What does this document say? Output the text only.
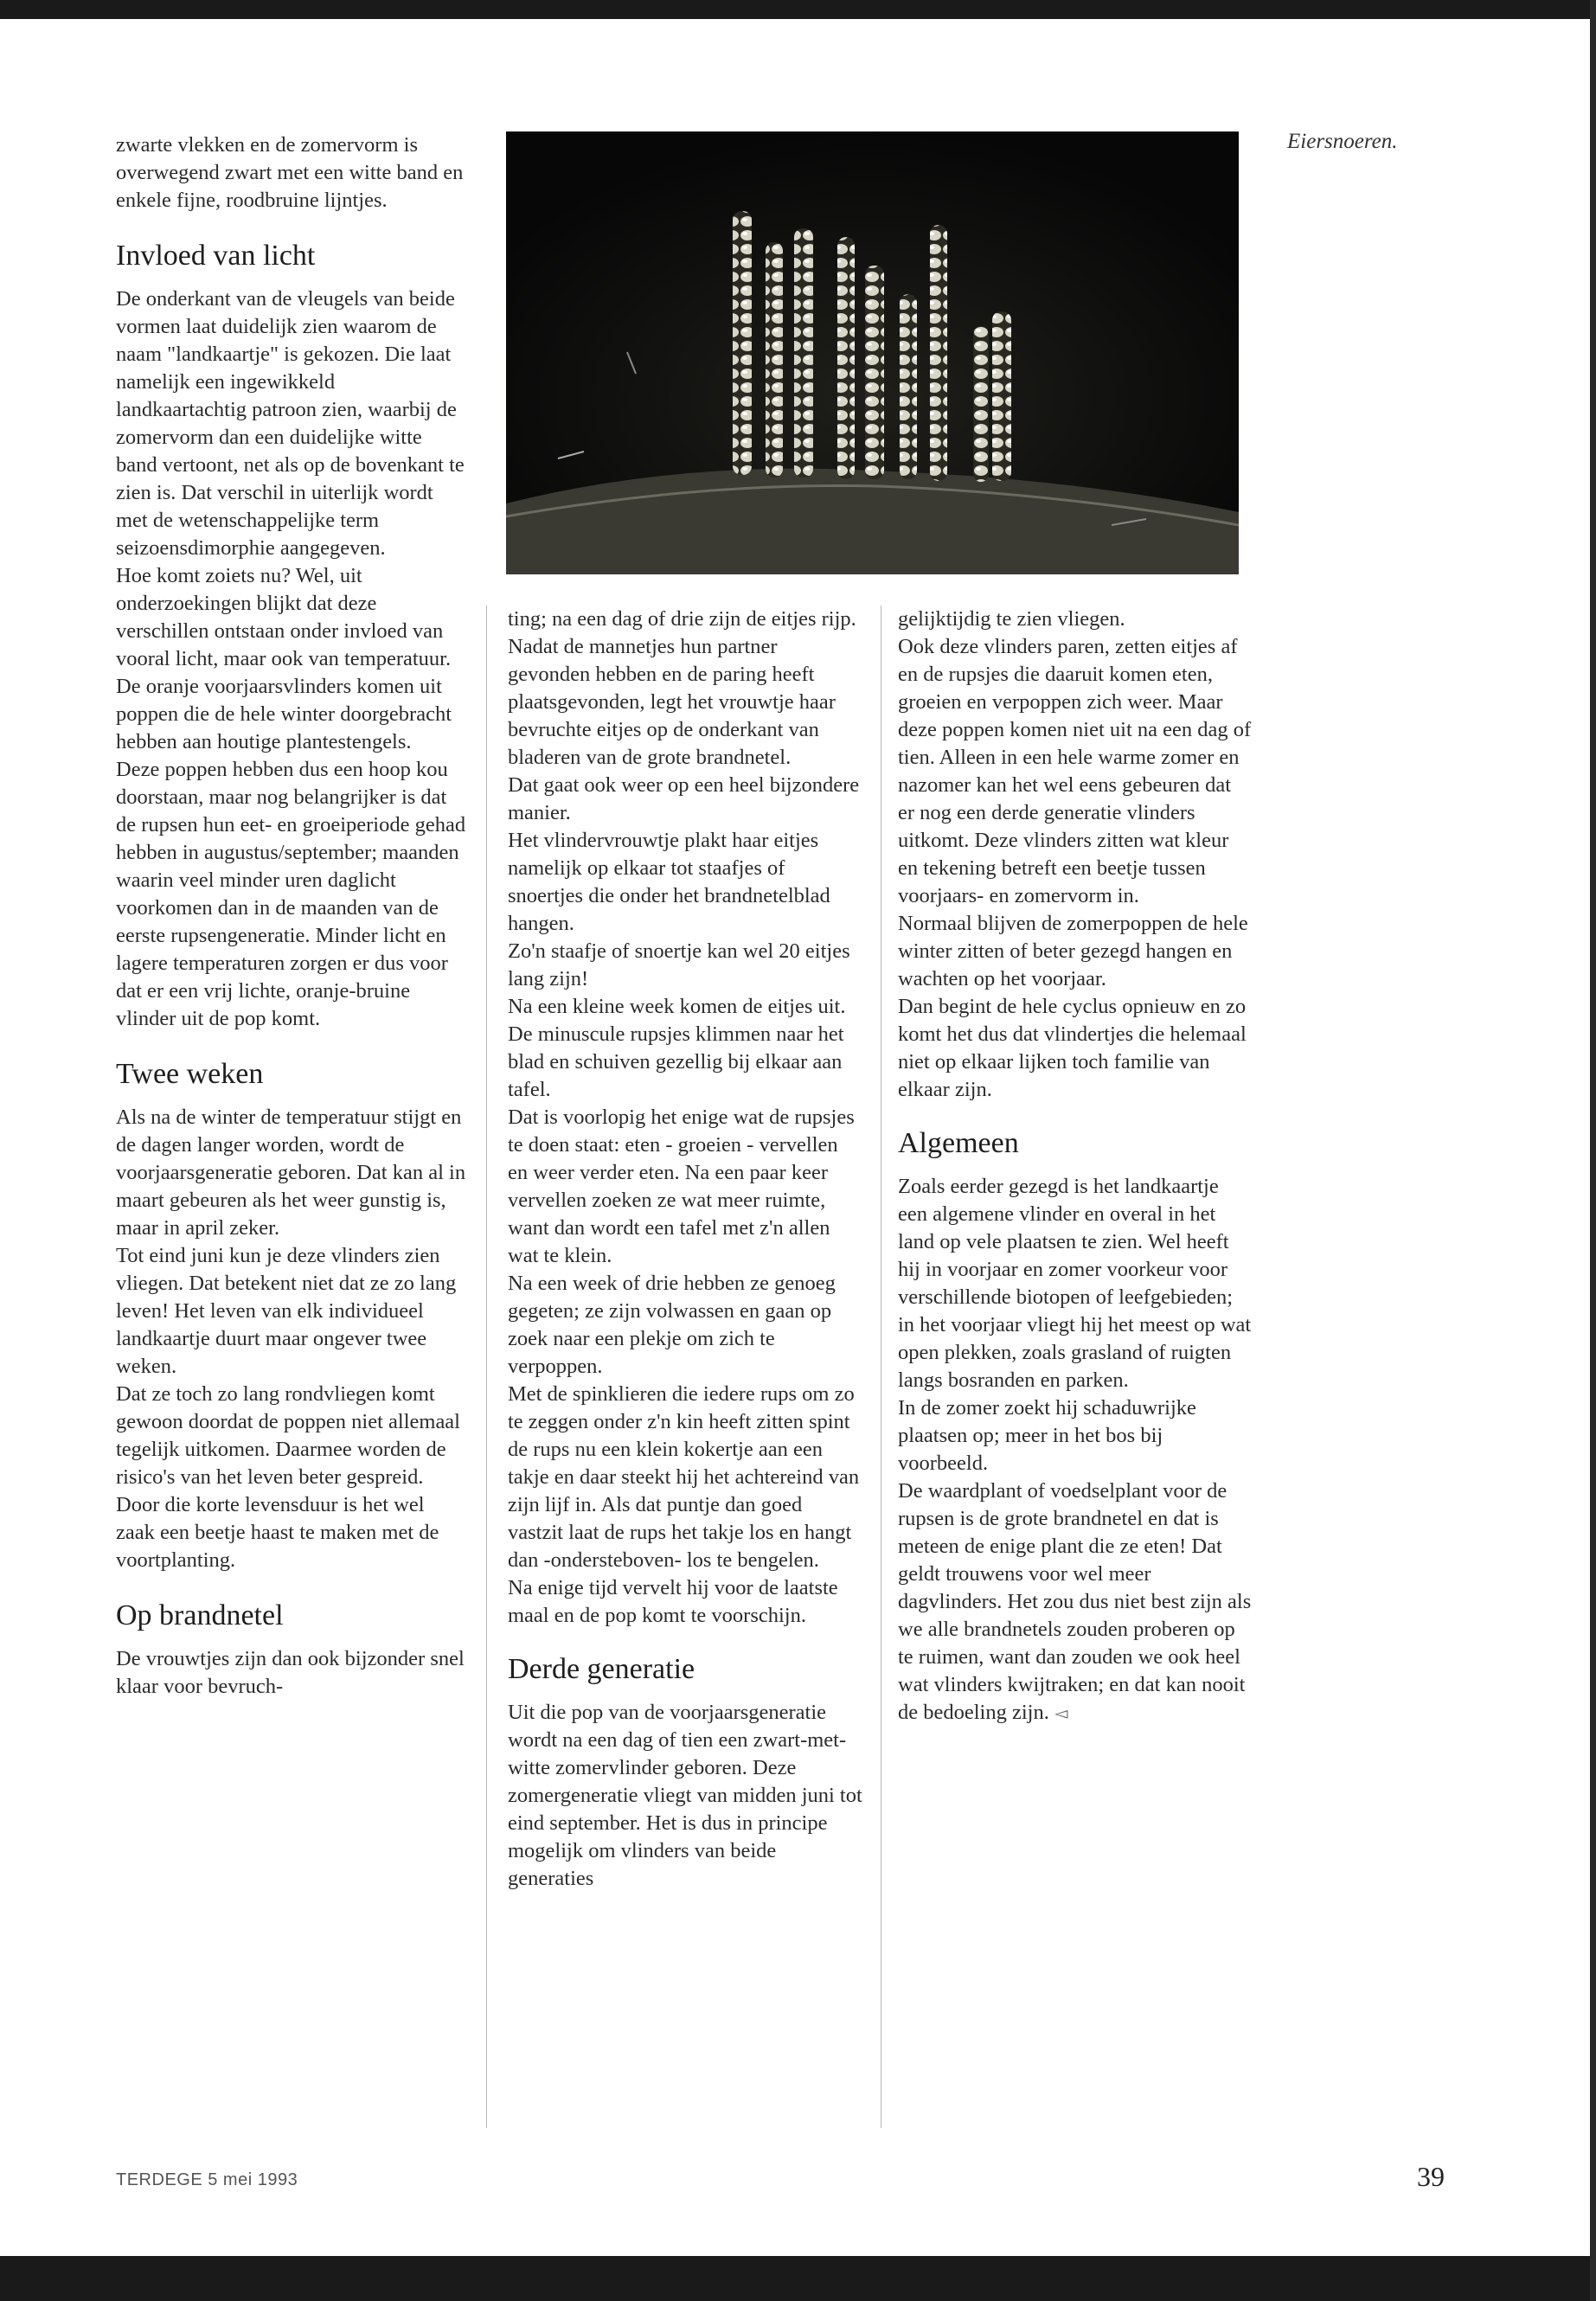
Eiersnoeren.

zwarte vlekken en de zomervorm is overwegend zwart met een witte band en enkele fijne, roodbruine lijntjes.

Invloed van licht

De onderkant van de vleugels van beide vormen laat duidelijk zien waarom de naam "landkaartje" is gekozen. Die laat namelijk een ingewikkeld landkaartachtig patroon zien, waarbij de zomervorm dan een duidelijke witte band vertoont, net als op de bovenkant te zien is. Dat verschil in uiterlijk wordt met de wetenschappelijke term seizoensdimorphie aangegeven.

Hoe komt zoiets nu? Wel, uit onderzoekingen blijkt dat deze verschillen ontstaan onder invloed van vooral licht, maar ook van temperatuur.

De oranje voorjaarsvlinders komen uit poppen die de hele winter doorgebracht hebben aan houtige plantestengels.

Deze poppen hebben dus een hoop kou doorstaan, maar nog belangrijker is dat de rupsen hun eet- en groeiperiode gehad hebben in augustus/september; maanden waarin veel minder uren daglicht voorkomen dan in de maanden van de eerste rupsengeneratie. Minder licht en lagere temperaturen zorgen er dus voor dat er een vrij lichte, oranje-bruine vlinder uit de pop komt.

Twee weken

Als na de winter de temperatuur stijgt en de dagen langer worden, wordt de voorjaarsgeneratie geboren. Dat kan al in maart gebeuren als het weer gunstig is, maar in april zeker.

Tot eind juni kun je deze vlinders zien vliegen. Dat betekent niet dat ze zo lang leven! Het leven van elk individueel landkaartje duurt maar ongever twee weken.

Dat ze toch zo lang rondvliegen komt gewoon doordat de poppen niet allemaal tegelijk uitkomen. Daarmee worden de risico's van het leven beter gespreid.

Door die korte levensduur is het wel zaak een beetje haast te maken met de voortplanting.

Op brandnetel

De vrouwtjes zijn dan ook bijzonder snel klaar voor bevruch-

ting; na een dag of drie zijn de eitjes rijp.

Nadat de mannetjes hun partner gevonden hebben en de paring heeft plaatsgevonden, legt het vrouwtje haar bevruchte eitjes op de onderkant van bladeren van de grote brandnetel.

Dat gaat ook weer op een heel bijzondere manier.

Het vlindervrouwtje plakt haar eitjes namelijk op elkaar tot staafjes of snoertjes die onder het brandnetelblad hangen.

Zo'n staafje of snoertje kan wel 20 eitjes lang zijn!

Na een kleine week komen de eitjes uit. De minuscule rupsjes klimmen naar het blad en schuiven gezellig bij elkaar aan tafel.

Dat is voorlopig het enige wat de rupsjes te doen staat: eten - groeien - vervellen en weer verder eten. Na een paar keer vervellen zoeken ze wat meer ruimte, want dan wordt een tafel met z'n allen wat te klein.

Na een week of drie hebben ze genoeg gegeten; ze zijn volwassen en gaan op zoek naar een plekje om zich te verpoppen.

Met de spinklieren die iedere rups om zo te zeggen onder z'n kin heeft zitten spint de rups nu een klein kokertje aan een takje en daar steekt hij het achtereind van zijn lijf in. Als dat puntje dan goed vastzit laat de rups het takje los en hangt dan -ondersteboven- los te bengelen.

Na enige tijd vervelt hij voor de laatste maal en de pop komt te voorschijn.

Derde generatie

Uit die pop van de voorjaarsgeneratie wordt na een dag of tien een zwart-met-witte zomervlinder geboren. Deze zomergeneratie vliegt van midden juni tot eind september. Het is dus in principe mogelijk om vlinders van beide generaties

gelijktijdig te zien vliegen.

Ook deze vlinders paren, zetten eitjes af en de rupsjes die daaruit komen eten, groeien en verpoppen zich weer. Maar deze poppen komen niet uit na een dag of tien. Alleen in een hele warme zomer en nazomer kan het wel eens gebeuren dat er nog een derde generatie vlinders uitkomt. Deze vlinders zitten wat kleur en tekening betreft een beetje tussen voorjaars- en zomervorm in.

Normaal blijven de zomerpoppen de hele winter zitten of beter gezegd hangen en wachten op het voorjaar.

Dan begint de hele cyclus opnieuw en zo komt het dus dat vlindertjes die helemaal niet op elkaar lijken toch familie van elkaar zijn.

Algemeen

Zoals eerder gezegd is het landkaartje een algemene vlinder en overal in het land op vele plaatsen te zien. Wel heeft hij in voorjaar en zomer voorkeur voor verschillende biotopen of leefgebieden; in het voorjaar vliegt hij het meest op wat open plekken, zoals grasland of ruigten langs bosranden en parken.

In de zomer zoekt hij schaduwrijke plaatsen op; meer in het bos bij voorbeeld.

De waardplant of voedselplant voor de rupsen is de grote brandnetel en dat is meteen de enige plant die ze eten! Dat geldt trouwens voor wel meer dagvlinders. Het zou dus niet best zijn als we alle brandnetels zouden proberen op te ruimen, want dan zouden we ook heel wat vlinders kwijtraken; en dat kan nooit de bedoeling zijn. ◅

TERDEGE 5 mei 1993	39
